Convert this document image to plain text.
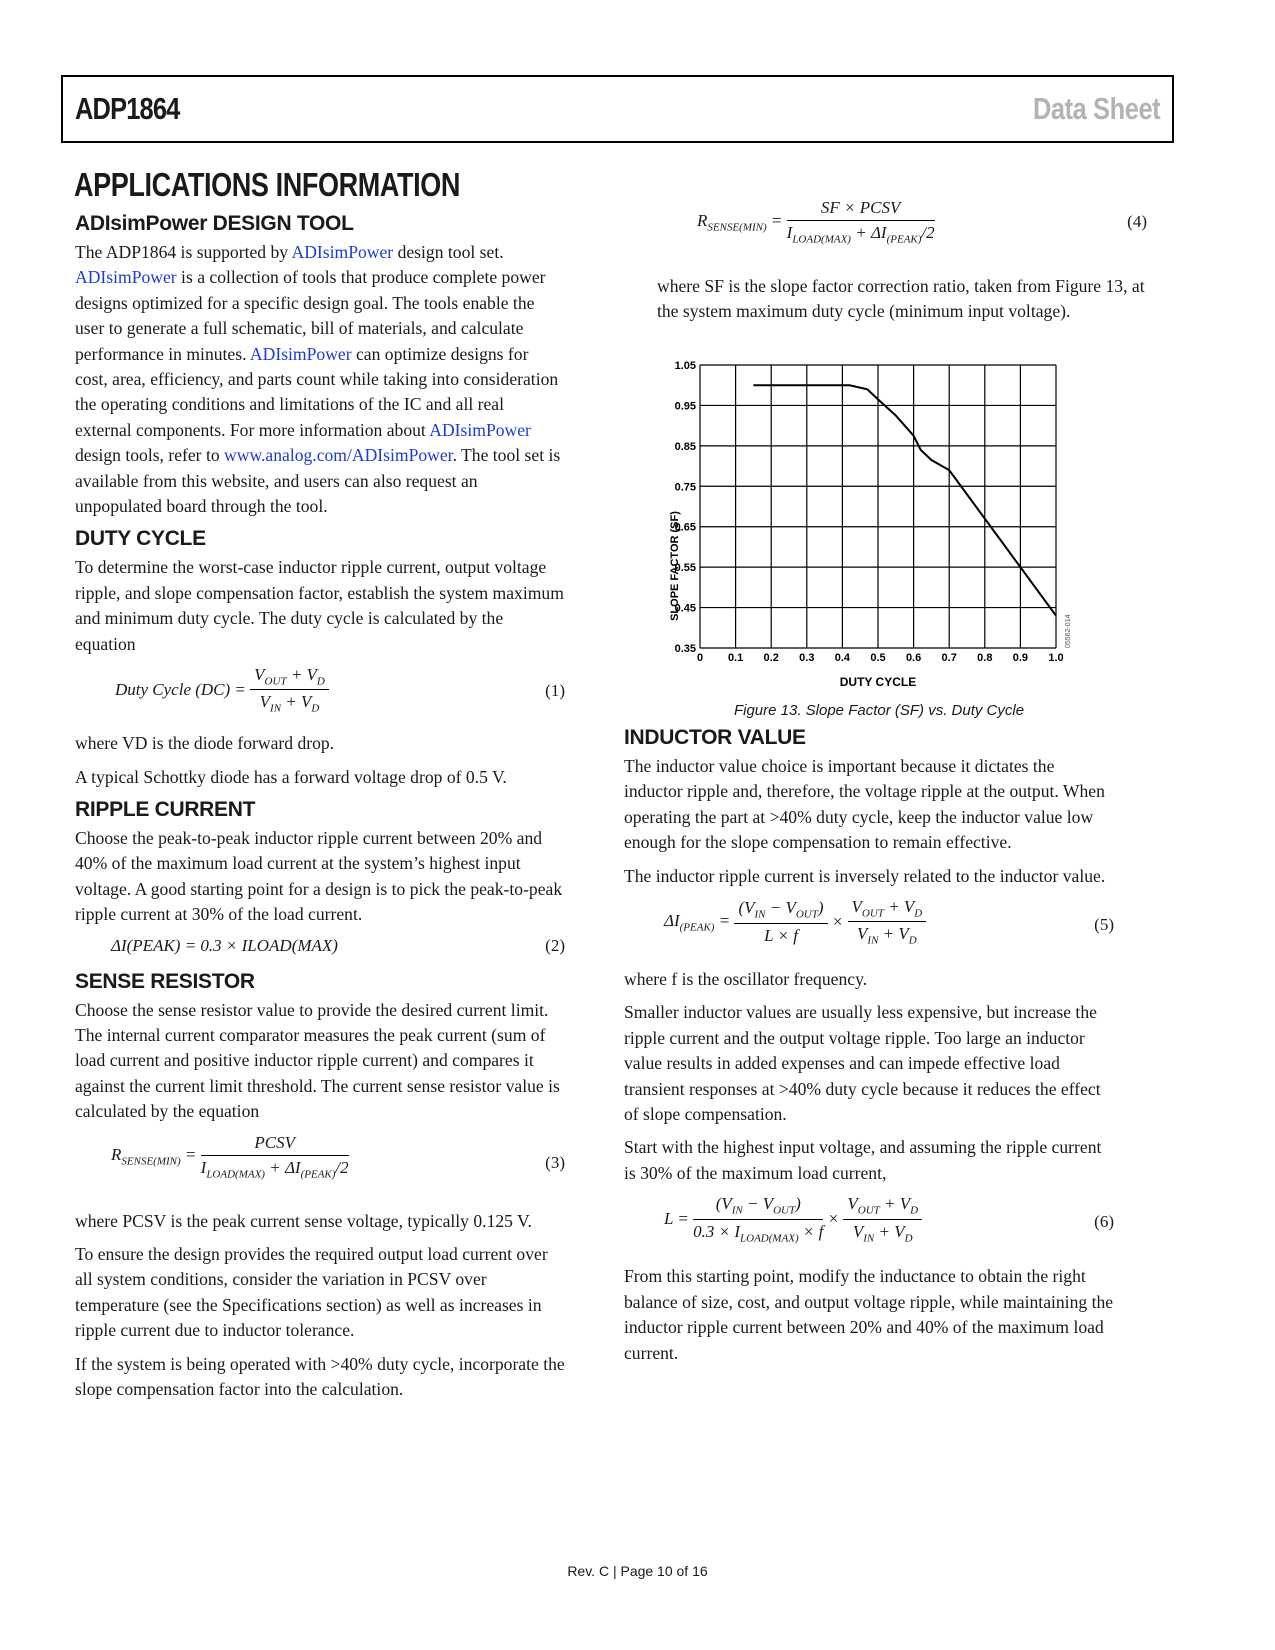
ADP1864	Data Sheet
APPLICATIONS INFORMATION
ADIsimPower DESIGN TOOL

The ADP1864 is supported by ADIsimPower design tool set. ADIsimPower is a collection of tools that produce complete power designs optimized for a specific design goal. The tools enable the user to generate a full schematic, bill of materials, and calculate performance in minutes. ADIsimPower can optimize designs for cost, area, efficiency, and parts count while taking into consideration the operating conditions and limitations of the IC and all real external components. For more information about ADIsimPower design tools, refer to www.analog.com/ADIsimPower. The tool set is available from this website, and users can also request an unpopulated board through the tool.

DUTY CYCLE

To determine the worst-case inductor ripple current, output voltage ripple, and slope compensation factor, establish the system maximum and minimum duty cycle. The duty cycle is calculated by the equation

Duty Cycle $(DC) = \frac{V_{OUT} + V_D}{V_{IN} + V_D}$	(1)

where VD is the diode forward drop.

A typical Schottky diode has a forward voltage drop of 0.5 V.

RIPPLE CURRENT

Choose the peak-to-peak inductor ripple current between 20% and 40% of the maximum load current at the system’s highest input voltage. A good starting point for a design is to pick the peak-to-peak ripple current at 30% of the load current.

ΔI(PEAK) = 0.3 × ILOAD(MAX)	(2)
SENSE RESISTOR

Choose the sense resistor value to provide the desired current limit. The internal current comparator measures the peak current (sum of load current and positive inductor ripple current) and compares it against the current limit threshold. The current sense resistor value is calculated by the equation

$R_{SENSE(MIN)} = \frac{\text{PCSV}}{I_{LOAD(MAX)} + \Delta I_{(PEAK)}/2}$	(3)

where PCSV is the peak current sense voltage, typically 0.125 V.

To ensure the design provides the required output load current over all system conditions, consider the variation in PCSV over temperature (see the Specifications section) as well as increases in ripple current due to inductor tolerance.

If the system is being operated with >40% duty cycle, incorporate the slope compensation factor into the calculation.

$R_{SENSE(MIN)} = \frac{\text{SF × PCSV}}{I_{LOAD(MAX)} + \Delta I_{(PEAK)}/2}$	(4)

where SF is the slope factor correction ratio, taken from Figure 13, at the system maximum duty cycle (minimum input voltage).

0 0.1 0.2 0.3 0.4 0.5 0.6 0.7 0.8 0.9 1.0
0.35
0.45
0.55
0.65
0.75
0.85
0.95
1.05
SLOPE FACTOR (SF)
DUTY CYCLE
05562-014
Figure 13. Slope Factor (SF) vs. Duty Cycle
INDUCTOR VALUE

The inductor value choice is important because it dictates the inductor ripple and, therefore, the voltage ripple at the output. When operating the part at >40% duty cycle, keep the inductor value low enough for the slope compensation to remain effective.

The inductor ripple current is inversely related to the inductor value.

$\Delta I_{(PEAK)} = \frac{(V_{IN} - V_{OUT})}{L \times f} \times \frac{V_{OUT} + V_D}{V_{IN} + V_D}$	(5)

where f is the oscillator frequency.

Smaller inductor values are usually less expensive, but increase the ripple current and the output voltage ripple. Too large an inductor value results in added expenses and can impede effective load transient responses at >40% duty cycle because it reduces the effect of slope compensation.

Start with the highest input voltage, and assuming the ripple current is 30% of the maximum load current,

$L = \frac{(V_{IN} - V_{OUT})}{0.3 \times I_{LOAD(MAX)} \times f} \times \frac{V_{OUT} + V_D}{V_{IN} + V_D}$	(6)

From this starting point, modify the inductance to obtain the right balance of size, cost, and output voltage ripple, while maintaining the inductor ripple current between 20% and 40% of the maximum load current.

Rev. C | Page 10 of 16
